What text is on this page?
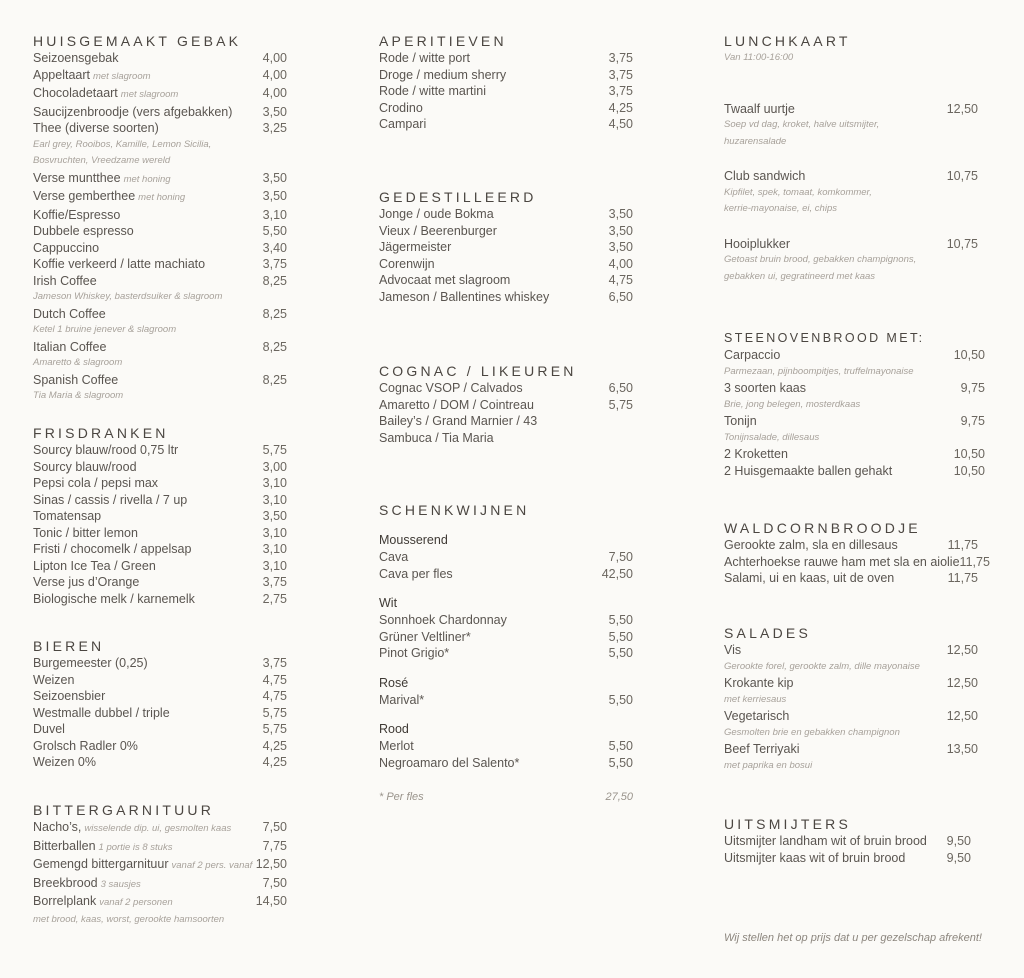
HUISGEMAAKT GEBAK
Seizoensgebak	4,00
Appeltaart met slagroom	4,00
Chocoladetaart met slagroom	4,00
Saucijzenbroodje (vers afgebakken) 3,50
Thee (diverse soorten)	3,25
Earl grey, Rooibos, Kamille, Lemon Sicilia,
Bosvruchten, Vreedzame wereld
Verse muntthee met honing	3,50
Verse gemberthee met honing	3,50
Koffie/Espresso	3,10
Dubbele espresso	5,50
Cappuccino	3,40
Koffie verkeerd / latte machiato	3,75
Irish Coffee	8,25
Jameson Whiskey, basterdsuiker & slagroom
Dutch Coffee	8,25
Ketel 1 bruine jenever & slagroom
Italian Coffee	8,25
Amaretto & slagroom
Spanish Coffee	8,25
Tia Maria & slagroom
FRISDRANKEN
Sourcy blauw/rood 0,75 ltr	5,75
Sourcy blauw/rood	3,00
Pepsi cola / pepsi max	3,10
Sinas / cassis / rivella / 7 up	3,10
Tomatensap	3,50
Tonic / bitter lemon	3,10
Fristi / chocomelk / appelsap	3,10
Lipton Ice Tea / Green	3,10
Verse jus d’Orange	3,75
Biologische melk / karnemelk	2,75
BIEREN
Burgemeester (0,25)	3,75
Weizen	4,75
Seizoensbier	4,75
Westmalle dubbel / triple	5,75
Duvel	5,75
Grolsch Radler 0%	4,25
Weizen 0%	4,25
BITTERGARNITUUR
Nacho’s, wisselende dip. ui, gesmolten kaas	7,50
Bitterballen 1 portie is 8 stuks	7,75
Gemengd bittergarnituur vanaf 2 pers. vanaf 12,50
Breekbrood 3 sausjes	7,50
Borrelplank vanaf 2 personen	14,50
met brood, kaas, worst, gerookte hamsoorten
APERITIEVEN
Rode / witte port	3,75
Droge / medium sherry	3,75
Rode / witte martini	3,75
Crodino	4,25
Campari	4,50
GEDESTILLEERD
Jonge / oude Bokma	3,50
Vieux / Beerenburger	3,50
Jägermeister	3,50
Corenwijn	4,00
Advocaat met slagroom	4,75
Jameson / Ballentines whiskey	6,50
COGNAC / LIKEUREN
Cognac VSOP / Calvados	6,50
Amaretto / DOM / Cointreau	5,75
Bailey’s / Grand Marnier / 43
Sambuca / Tia Maria
SCHENKWIJNEN
Mousserend
Cava	7,50
Cava per fles	42,50
Wit
Sonnhoek Chardonnay	5,50
Grüner Veltliner*	5,50
Pinot Grigio*	5,50
Rosé
Marival*	5,50
Rood
Merlot	5,50
Negroamaro del Salento*	5,50
* Per fles	27,50
LUNCHKAART
Van 11:00-16:00
Twaalf uurtje	12,50
Soep vd dag, kroket, halve uitsmijter,
huzarensalade
Club sandwich	10,75
Kipfilet, spek, tomaat, komkommer,
kerrie-mayonaise, ei, chips
Hooiplukker	10,75
Getoast bruin brood, gebakken champignons,
gebakken ui, gegratineerd met kaas
STEENOVENBROOD MET:
Carpaccio	10,50
Parmezaan, pijnboompitjes, truffelmayonaise
3 soorten kaas	9,75
Brie, jong belegen, mosterdkaas
Tonijn	9,75
Tonijnsalade, dillesaus
2 Kroketten	10,50
2 Huisgemaakte ballen gehakt	10,50
WALDCORNBROODJE
Gerookte zalm, sla en dillesaus	11,75
Achterhoekse rauwe ham met sla en aiolie 11,75
Salami, ui en kaas, uit de oven	11,75
SALADES
Vis	12,50
Gerookte forel, gerookte zalm, dille mayonaise
Krokante kip	12,50
met kerriesaus
Vegetarisch	12,50
Gesmolten brie en gebakken champignon
Beef Terriyaki	13,50
met paprika en bosui
UITSMIJTERS
Uitsmijter landham wit of bruin brood 9,50
Uitsmijter kaas wit of bruin brood	9,50
Wij stellen het op prijs dat u per gezelschap afrekent!
